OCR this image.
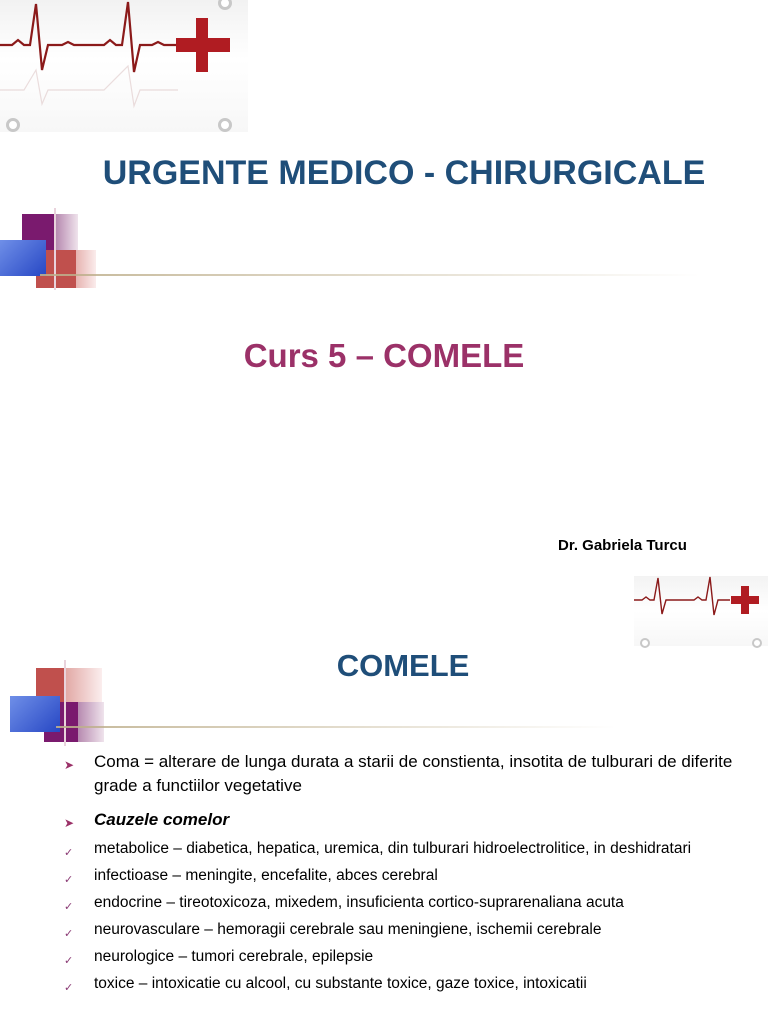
URGENTE MEDICO - CHIRURGICALE
Curs 5 – COMELE
Dr. Gabriela Turcu
COMELE
➤	Coma = alterare de lunga durata a starii de constienta, insotita de tulburari de diferite grade a functiilor vegetative
➤	Cauzele comelor
✓	metabolice – diabetica, hepatica, uremica, din tulburari hidroelectrolitice, in deshidratari
✓	infectioase – meningite, encefalite, abces cerebral
✓	endocrine – tireotoxicoza, mixedem, insuficienta cortico-suprarenaliana acuta
✓	neurovasculare – hemoragii cerebrale sau meningiene, ischemii cerebrale
✓	neurologice – tumori cerebrale, epilepsie
✓	toxice – intoxicatie cu alcool, cu substante toxice, gaze toxice, intoxicatii
